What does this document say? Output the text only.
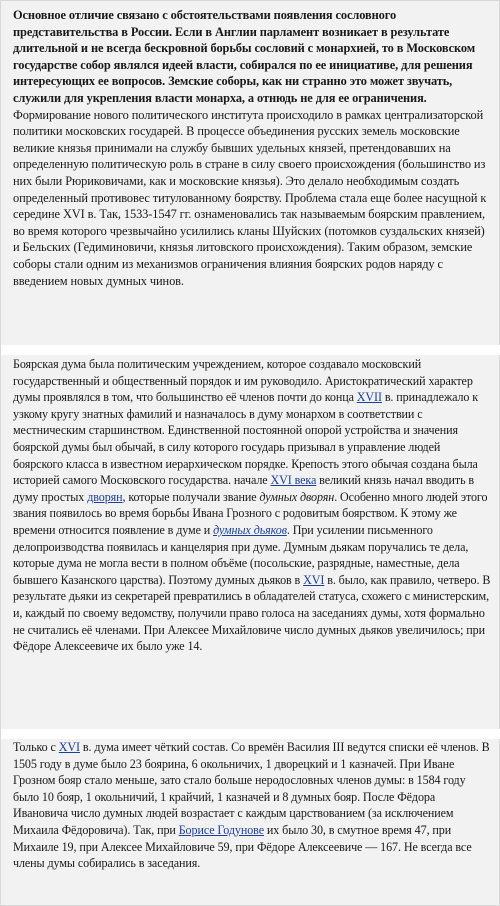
Основное отличие связано с обстоятельствами появления сословного представительства в России. Если в Англии парламент возникает в результате длительной и не всегда бескровной борьбы сословий с монархией, то в Московском государстве собор являлся идеей власти, собирался по ее инициативе, для решения интересующих ее вопросов. Земские соборы, как ни странно это может звучать, служили для укрепления власти монарха, а отнюдь не для ее ограничения. Формирование нового политического института происходило в рамках централизаторской политики московских государей. В процессе объединения русских земель московские великие князья принимали на службу бывших удельных князей, претендовавших на определенную политическую роль в стране в силу своего происхождения (большинство из них были Рюриковичами, как и московские князья). Это делало необходимым создать определенный противовес титулованному боярству. Проблема стала еще более насущной к середине XVI в. Так, 1533-1547 гг. ознаменовались так называемым боярским правлением, во время которого чрезвычайно усилились кланы Шуйских (потомков суздальских князей) и Бельских (Гедиминовичи, князья литовского происхождения). Таким образом, земские соборы стали одним из механизмов ограничения влияния боярских родов наряду с введением новых думных чинов.

Боярская дума была политическим учреждением, которое создавало московский государственный и общественный порядок и им руководило. Аристократический характер думы проявлялся в том, что большинство её членов почти до конца XVII в. принадлежало к узкому кругу знатных фамилий и назначалось в думу монархом в соответствии с местническим старшинством. Единственной постоянной опорой устройства и значения боярской думы был обычай, в силу которого государь призывал в управление людей боярского класса в известном иерархическом порядке. Крепость этого обычая создана была историей самого Московского государства. начале XVI века великий князь начал вводить в думу простых дворян, которые получали звание думных дворян. Особенно много людей этого звания появилось во время борьбы Ивана Грозного с родовитым боярством. К этому же времени относится появление в думе и думных дьяков. При усилении письменного делопроизводства появилась и канцелярия при думе. Думным дьякам поручались те дела, которые дума не могла вести в полном объёме (посольские, разрядные, наместные, дела бывшего Казанского царства). Поэтому думных дьяков в XVI в. было, как правило, четверо. В результате дьяки из секретарей превратились в обладателей статуса, схожего с министерским, и, каждый по своему ведомству, получили право голоса на заседаниях думы, хотя формально не считались её членами. При Алексее Михайловиче число думных дьяков увеличилось; при Фёдоре Алексеевиче их было уже 14.

Только с XVI в. дума имеет чёткий состав. Со времён Василия III ведутся списки её членов. В 1505 году в думе было 23 боярина, 6 окольничих, 1 дворецкий и 1 казначей. При Иване Грозном бояр стало меньше, зато стало больше неродословных членов думы: в 1584 году было 10 бояр, 1 окольничий, 1 крайчий, 1 казначей и 8 думных бояр. После Фёдора Ивановича число думных людей возрастает с каждым царствованием (за исключением Михаила Фёдоровича). Так, при Борисе Годунове их было 30, в смутное время 47, при Михаиле 19, при Алексее Михайловиче 59, при Фёдоре Алексеевиче — 167. Не всегда все члены думы собирались в заседания.
